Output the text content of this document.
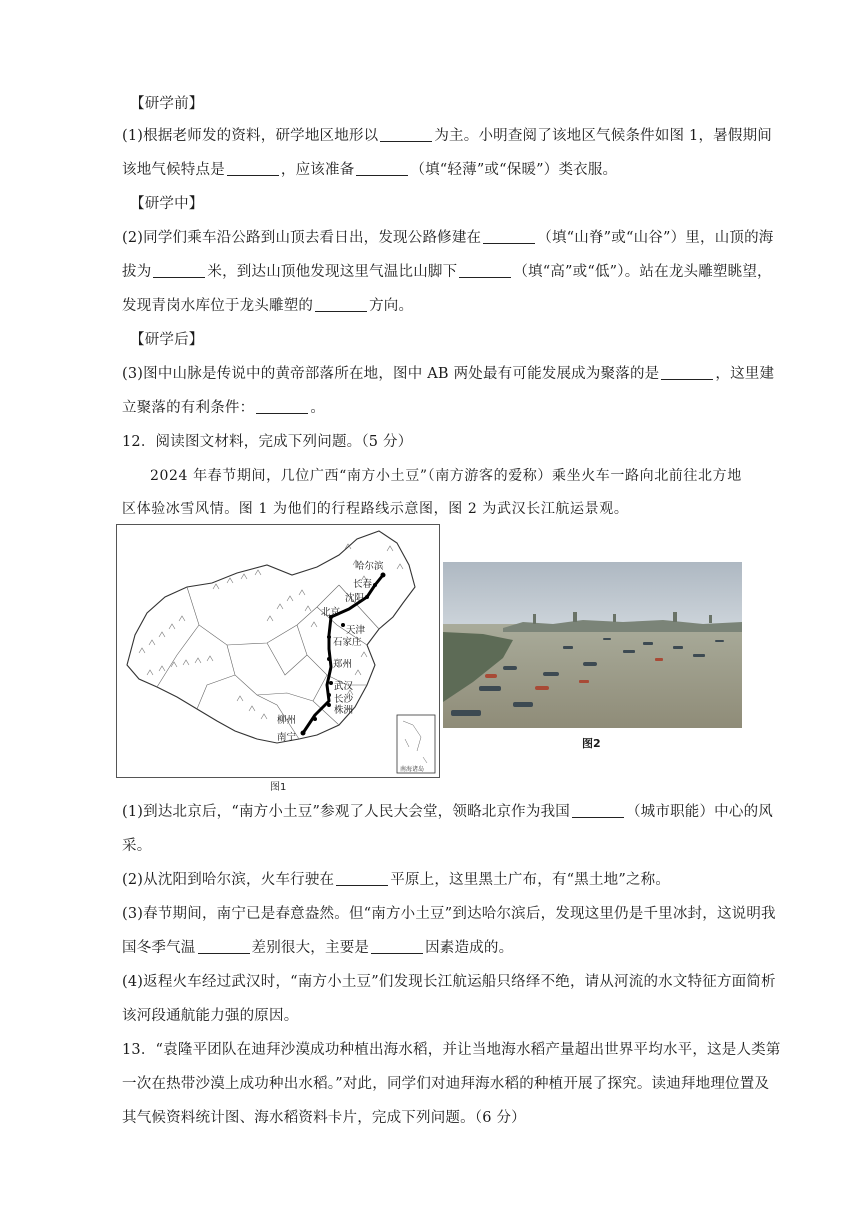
【研学前】
(1)根据老师发的资料，研学地区地形以	为主。小明查阅了该地区气候条件如图 1，暑假期间
该地气候特点是	，应该准备	（填“轻薄”或“保暖”）类衣服。
【研学中】
(2)同学们乘车沿公路到山顶去看日出，发现公路修建在	（填“山脊”或“山谷”）里，山顶的海
拔为	米，到达山顶他发现这里气温比山脚下	（填“高”或“低”）。站在龙头雕塑眺望，
发现青岗水库位于龙头雕塑的	方向。
【研学后】
(3)图中山脉是传说中的黄帝部落所在地，图中 AB 两处最有可能发展成为聚落的是	，这里建
立聚落的有利条件：	。
12．阅读图文材料，完成下列问题。（5 分）
2024 年春节期间，几位广西“南方小土豆”（南方游客的爱称）乘坐火车一路向北前往北方地
区体验冰雪风情。图 1 为他们的行程路线示意图，图 2 为武汉长江航运景观。
哈尔滨
长春
沈阳
北京
天津
石家庄
郑州
武汉
长沙
株洲
柳州
南宁
南海诸岛
图1
图2
(1)到达北京后，“南方小土豆”参观了人民大会堂，领略北京作为我国	（城市职能）中心的风
采。
(2)从沈阳到哈尔滨，火车行驶在	平原上，这里黑土广布，有“黑土地”之称。
(3)春节期间，南宁已是春意盎然。但“南方小土豆”到达哈尔滨后，发现这里仍是千里冰封，这说明我
国冬季气温	差别很大，主要是	因素造成的。
(4)返程火车经过武汉时，“南方小土豆”们发现长江航运船只络绎不绝，请从河流的水文特征方面简析
该河段通航能力强的原因。
13．“袁隆平团队在迪拜沙漠成功种植出海水稻，并让当地海水稻产量超出世界平均水平，这是人类第
一次在热带沙漠上成功种出水稻。”对此，同学们对迪拜海水稻的种植开展了探究。读迪拜地理位置及
其气候资料统计图、海水稻资料卡片，完成下列问题。（6 分）
